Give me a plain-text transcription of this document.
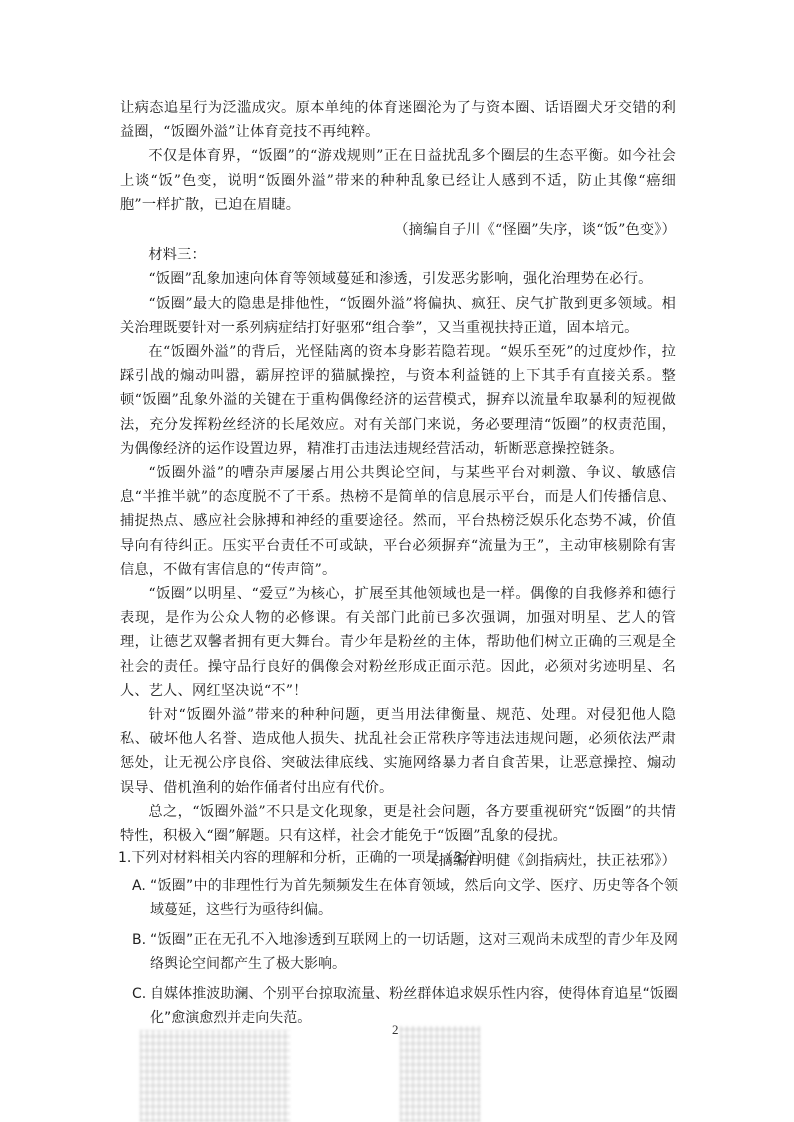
让病态追星行为泛滥成灾。原本单纯的体育迷圈沦为了与资本圈、话语圈犬牙交错的利益圈，“饭圈外溢”让体育竞技不再纯粹。

不仅是体育界，“饭圈”的“游戏规则”正在日益扰乱多个圈层的生态平衡。如今社会上谈“饭”色变，说明“饭圈外溢”带来的种种乱象已经让人感到不适，防止其像“癌细胞”一样扩散，已迫在眉睫。

（摘编自子川《“怪圈”失序，谈“饭”色变》）

材料三：

“饭圈”乱象加速向体育等领域蔓延和渗透，引发恶劣影响，强化治理势在必行。

“饭圈”最大的隐患是排他性，“饭圈外溢”将偏执、疯狂、戾气扩散到更多领域。相关治理既要针对一系列病症结打好驱邪“组合拳”，又当重视扶持正道，固本培元。

在“饭圈外溢”的背后，光怪陆离的资本身影若隐若现。“娱乐至死”的过度炒作，拉踩引战的煽动叫嚣，霸屏控评的猫腻操控，与资本利益链的上下其手有直接关系。整顿“饭圈”乱象外溢的关键在于重构偶像经济的运营模式，摒弃以流量牟取暴利的短视做法，充分发挥粉丝经济的长尾效应。对有关部门来说，务必要理清“饭圈”的权责范围，为偶像经济的运作设置边界，精准打击违法违规经营活动，斩断恶意操控链条。

“饭圈外溢”的嘈杂声屡屡占用公共舆论空间，与某些平台对刺激、争议、敏感信息“半推半就”的态度脱不了干系。热榜不是简单的信息展示平台，而是人们传播信息、捕捉热点、感应社会脉搏和神经的重要途径。然而，平台热榜泛娱乐化态势不减，价值导向有待纠正。压实平台责任不可或缺，平台必须摒弃“流量为王”，主动审核剔除有害信息，不做有害信息的“传声筒”。

“饭圈”以明星、“爱豆”为核心，扩展至其他领域也是一样。偶像的自我修养和德行表现，是作为公众人物的必修课。有关部门此前已多次强调，加强对明星、艺人的管理，让德艺双馨者拥有更大舞台。青少年是粉丝的主体，帮助他们树立正确的三观是全社会的责任。操守品行良好的偶像会对粉丝形成正面示范。因此，必须对劣迹明星、名人、艺人、网红坚决说“不”！

针对“饭圈外溢”带来的种种问题，更当用法律衡量、规范、处理。对侵犯他人隐私、破坏他人名誉、造成他人损失、扰乱社会正常秩序等违法违规问题，必须依法严肃惩处，让无视公序良俗、突破法律底线、实施网络暴力者自食苦果，让恶意操控、煽动误导、借机渔利的始作俑者付出应有代价。

总之，“饭圈外溢”不只是文化现象，更是社会问题，各方要重视研究“饭圈”的共情特性，积极入“圈”解题。只有这样，社会才能免于“饭圈”乱象的侵扰。

（摘编自明健《剑指病灶，扶正祛邪》）

1.下列对材料相关内容的理解和分析，正确的一项是（3分）

A. “饭圈”中的非理性行为首先频频发生在体育领域，然后向文学、医疗、历史等各个领域蔓延，这些行为亟待纠偏。
B. “饭圈”正在无孔不入地渗透到互联网上的一切话题，这对三观尚未成型的青少年及网络舆论空间都产生了极大影响。
C. 自媒体推波助澜、个别平台掠取流量、粉丝群体追求娱乐性内容，使得体育追星“饭圈化”愈演愈烈并走向失范。
2
